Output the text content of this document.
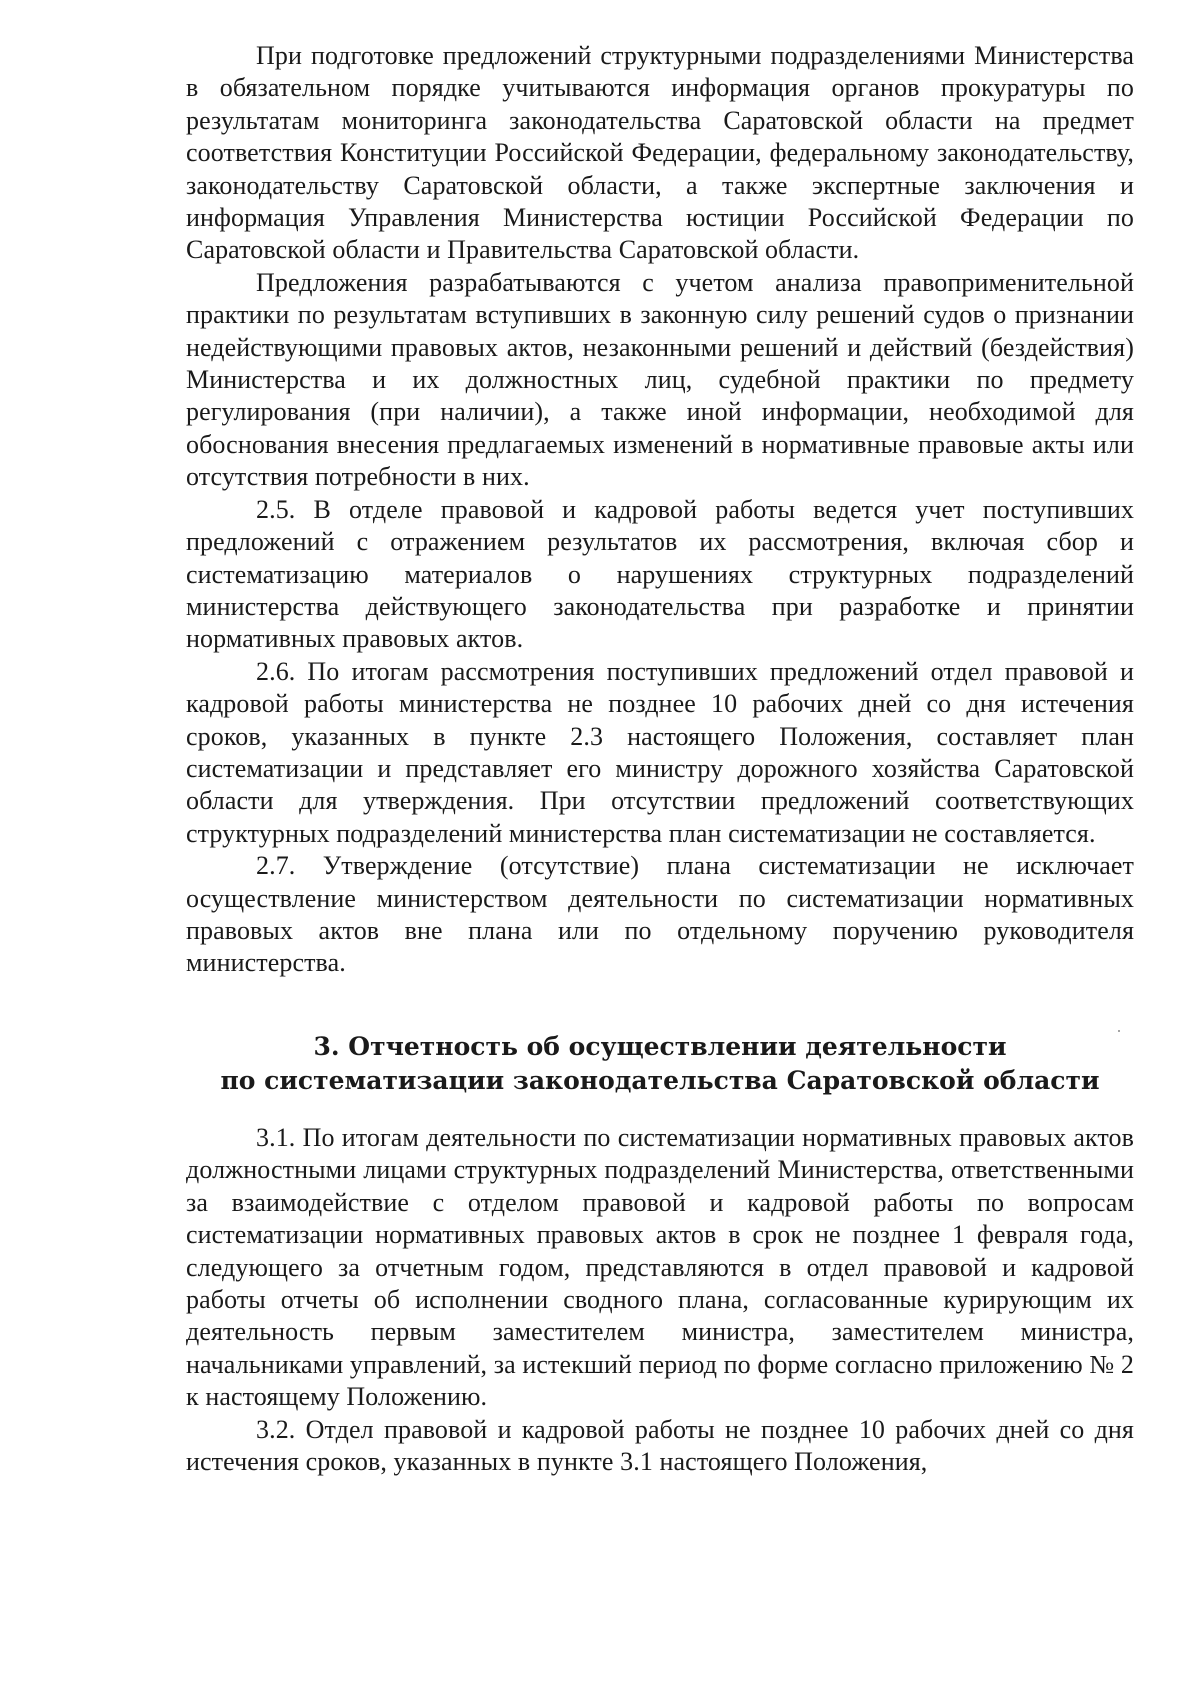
При подготовке предложений структурными подразделениями Министерства в обязательном порядке учитываются информация органов прокуратуры по результатам мониторинга законодательства Саратовской области на предмет соответствия Конституции Российской Федерации, федеральному законодательству, законодательству Саратовской области, а также экспертные заключения и информация Управления Министерства юстиции Российской Федерации по Саратовской области и Правительства Саратовской области.

Предложения разрабатываются с учетом анализа правоприменительной практики по результатам вступивших в законную силу решений судов о признании недействующими правовых актов, незаконными решений и действий (бездействия) Министерства и их должностных лиц, судебной практики по предмету регулирования (при наличии), а также иной информации, необходимой для обоснования внесения предлагаемых изменений в нормативные правовые акты или отсутствия потребности в них.

2.5. В отделе правовой и кадровой работы ведется учет поступивших предложений с отражением результатов их рассмотрения, включая сбор и систематизацию материалов о нарушениях структурных подразделений министерства действующего законодательства при разработке и принятии нормативных правовых актов.

2.6. По итогам рассмотрения поступивших предложений отдел правовой и кадровой работы министерства не позднее 10 рабочих дней со дня истечения сроков, указанных в пункте 2.3 настоящего Положения, составляет план систематизации и представляет его министру дорожного хозяйства Саратовской области для утверждения. При отсутствии предложений соответствующих структурных подразделений министерства план систематизации не составляется.

2.7. Утверждение (отсутствие) плана систематизации не исключает осуществление министерством деятельности по систематизации нормативных правовых актов вне плана или по отдельному поручению руководителя министерства.

3. Отчетность об осуществлении деятельности
по систематизации законодательства Саратовской области

3.1. По итогам деятельности по систематизации нормативных правовых актов должностными лицами структурных подразделений Министерства, ответственными за взаимодействие с отделом правовой и кадровой работы по вопросам систематизации нормативных правовых актов в срок не позднее 1 февраля года, следующего за отчетным годом, представляются в отдел правовой и кадровой работы отчеты об исполнении сводного плана, согласованные курирующим их деятельность первым заместителем министра, заместителем министра, начальниками управлений, за истекший период по форме согласно приложению № 2 к настоящему Положению.

3.2. Отдел правовой и кадровой работы не позднее 10 рабочих дней со дня истечения сроков, указанных в пункте 3.1 настоящего Положения,
